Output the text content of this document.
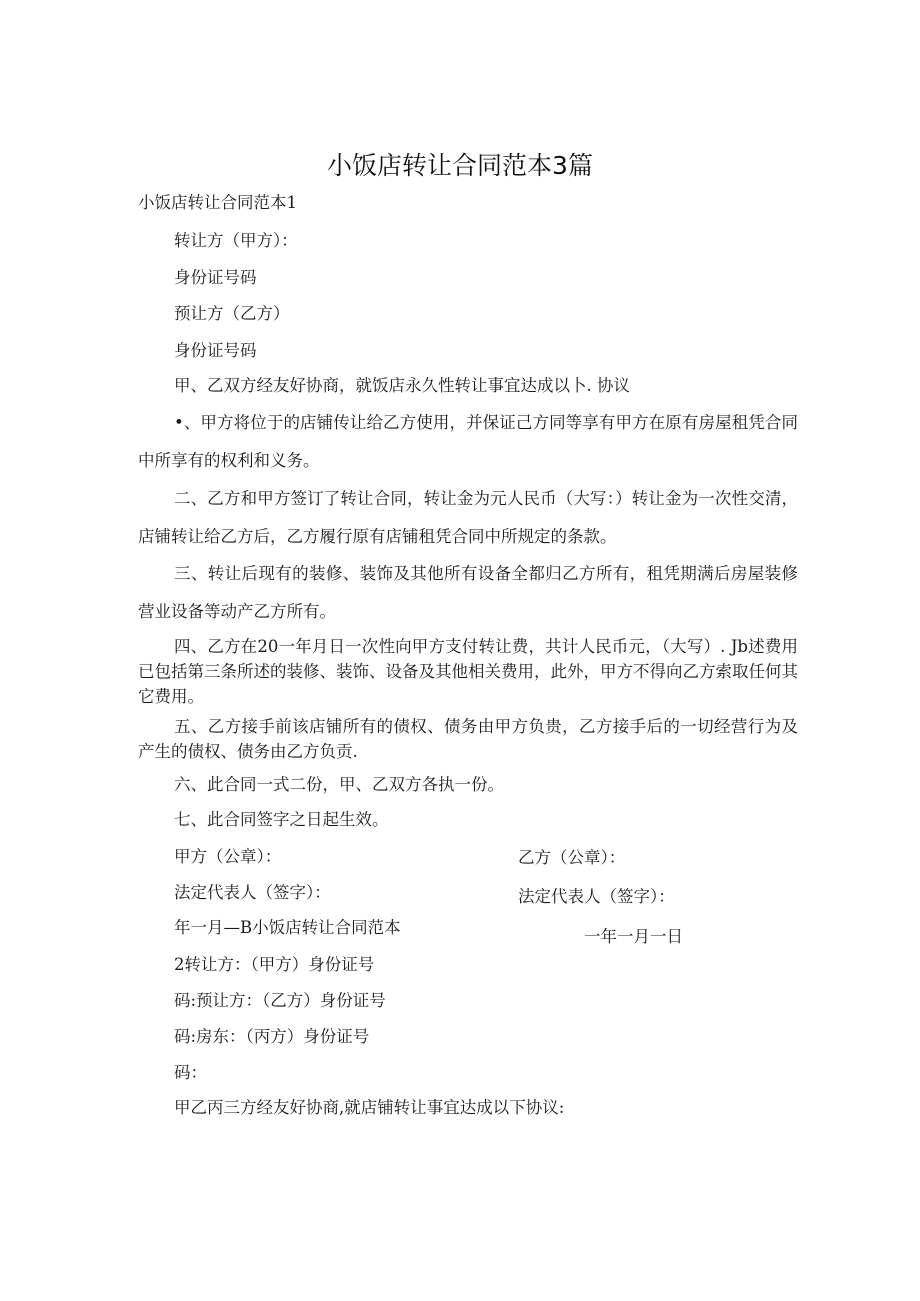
小饭店转让合同范本3篇
小饭店转让合同范本1
转让方（甲方）：
身份证号码
预让方（乙方）
身份证号码
甲、乙双方经友好协商，就饭店永久性转让事宜达成以卜. 协议
•、甲方将位于的店铺传让给乙方使用，并保证己方同等享有甲方在原有房屋租凭合同中所享有的权利和义务。
二、乙方和甲方签订了转让合同，转让金为元人民币（大写：）转让金为一次性交清，店铺转让给乙方后，乙方履行原有店铺租凭合同中所规定的条款。
三、转让后现有的装修、装饰及其他所有设备全都归乙方所有，租凭期满后房屋装修营业设备等动产乙方所有。
四、乙方在20一年月日一次性向甲方支付转让费，共计人民币元，（大写）. Jb述费用已包括第三条所述的装修、装饰、设备及其他相关费用，此外，甲方不得向乙方索取任何其它费用。
五、乙方接手前该店铺所有的债权、债务由甲方负贵，乙方接手后的一切经营行为及产生的债权、债务由乙方负贡.
六、此合同一式二份，甲、乙双方各执一份。
七、此合同签字之日起生效。
甲方（公章）：	乙方（公章）：
法定代表人（签字）：	法定代表人（签字）：
年一月—B小饭店转让合同范本	一年一月一日
2转让方：（甲方）身份证号
码:预让方：（乙方）身份证号
码:房东：（丙方）身份证号
码：
甲乙丙三方经友好协商,就店铺转让事宜达成以下协议:
